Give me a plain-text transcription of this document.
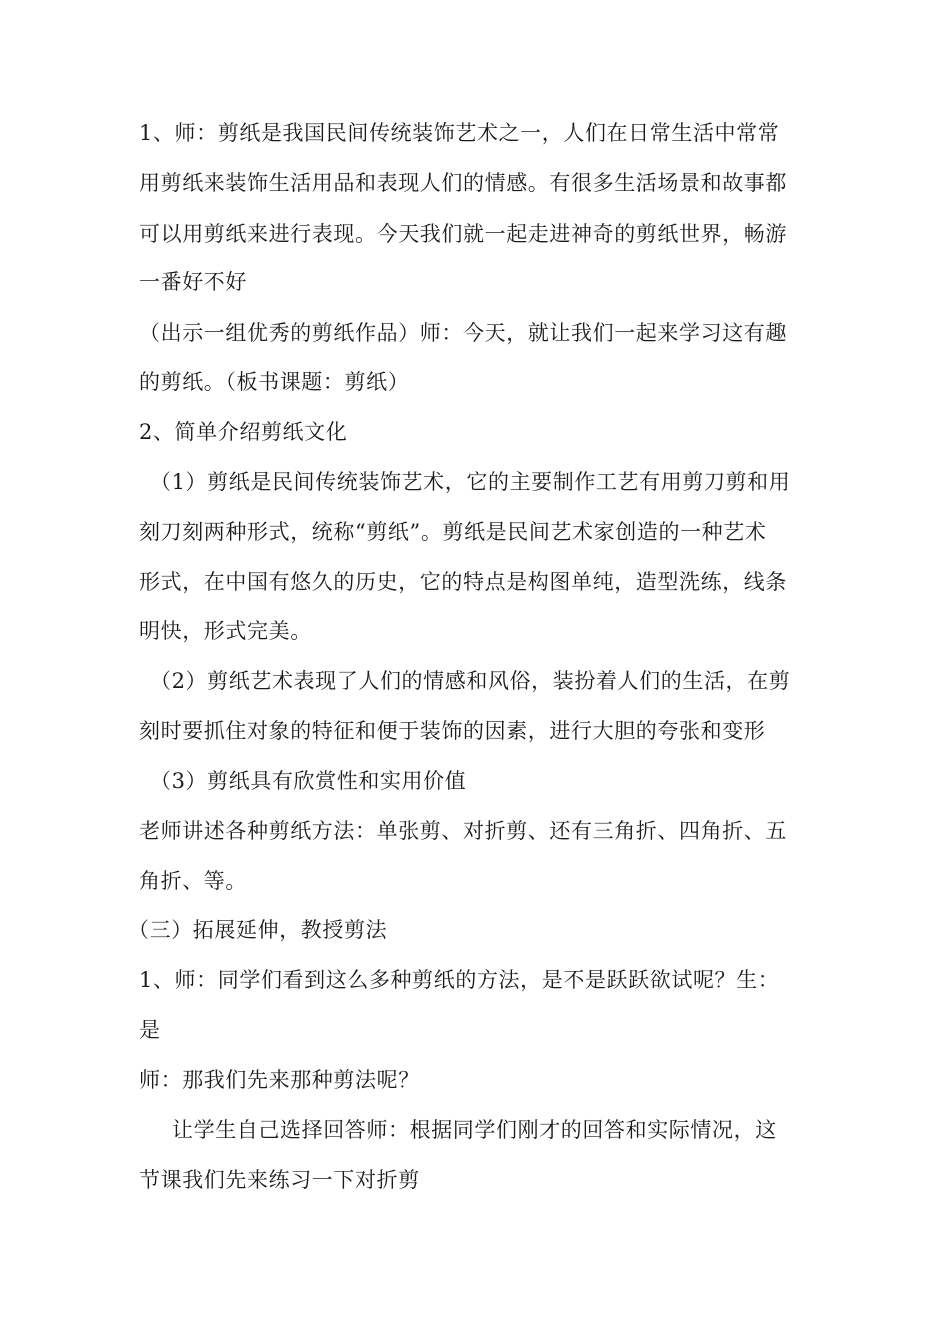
1、师：剪纸是我国民间传统装饰艺术之一，人们在日常生活中常常
用剪纸来装饰生活用品和表现人们的情感。有很多生活场景和故事都
可以用剪纸来进行表现。今天我们就一起走进神奇的剪纸世界，畅游
一番好不好
（出示一组优秀的剪纸作品）师：今天，就让我们一起来学习这有趣
的剪纸。（板书课题：剪纸）
2、简单介绍剪纸文化
（1）剪纸是民间传统装饰艺术，它的主要制作工艺有用剪刀剪和用
刻刀刻两种形式，统称“剪纸”。剪纸是民间艺术家创造的一种艺术
形式，在中国有悠久的历史，它的特点是构图单纯，造型洗练，线条
明快，形式完美。
（2）剪纸艺术表现了人们的情感和风俗，装扮着人们的生活，在剪
刻时要抓住对象的特征和便于装饰的因素，进行大胆的夸张和变形
（3）剪纸具有欣赏性和实用价值
老师讲述各种剪纸方法：单张剪、对折剪、还有三角折、四角折、五
角折、等。
（三）拓展延伸，教授剪法
1、师：同学们看到这么多种剪纸的方法，是不是跃跃欲试呢？生：
是
师：那我们先来那种剪法呢？
让学生自己选择回答师：根据同学们刚才的回答和实际情况，这
节课我们先来练习一下对折剪
